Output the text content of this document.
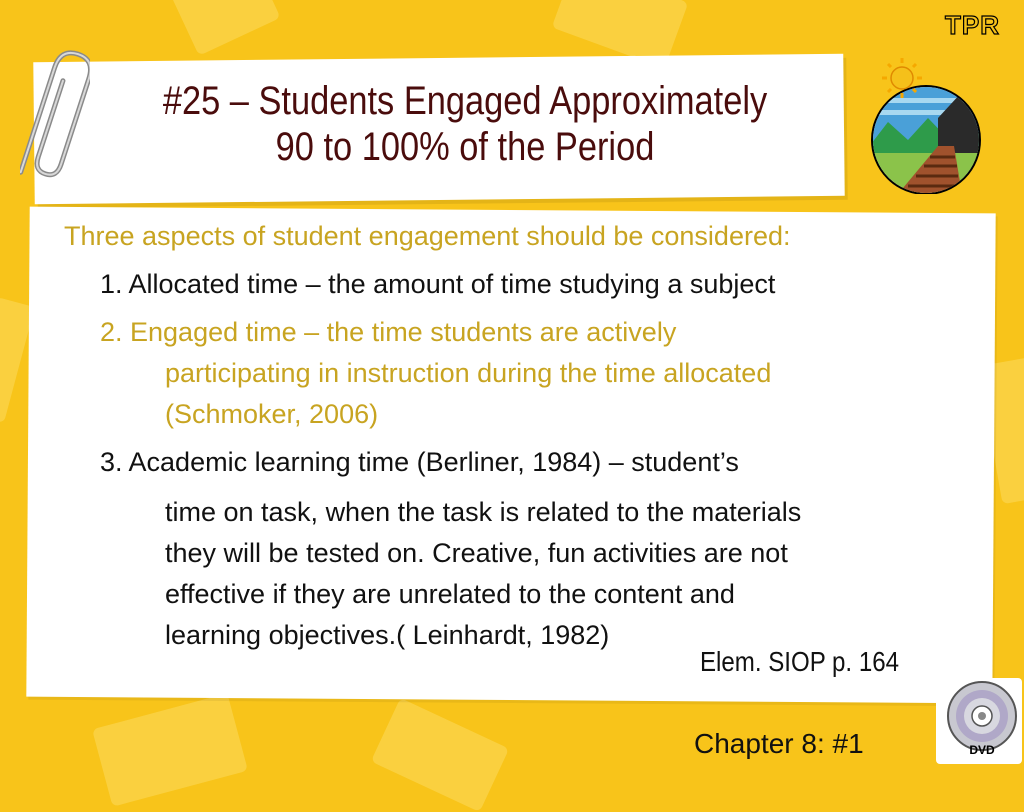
TPR
#25 – Students Engaged Approximately
90 to 100% of the Period
Three aspects of student engagement should be considered:
1. Allocated time – the amount of time studying a subject
2. Engaged time – the time students are actively
participating in instruction during the time allocated
(Schmoker, 2006)
3. Academic learning time (Berliner, 1984) – student’s
time on task, when the task is related to the materials
they will be tested on. Creative, fun activities are not
effective if they are unrelated to the content and
learning objectives.( Leinhardt, 1982)
Elem. SIOP p. 164
Chapter 8: #1	DVD
